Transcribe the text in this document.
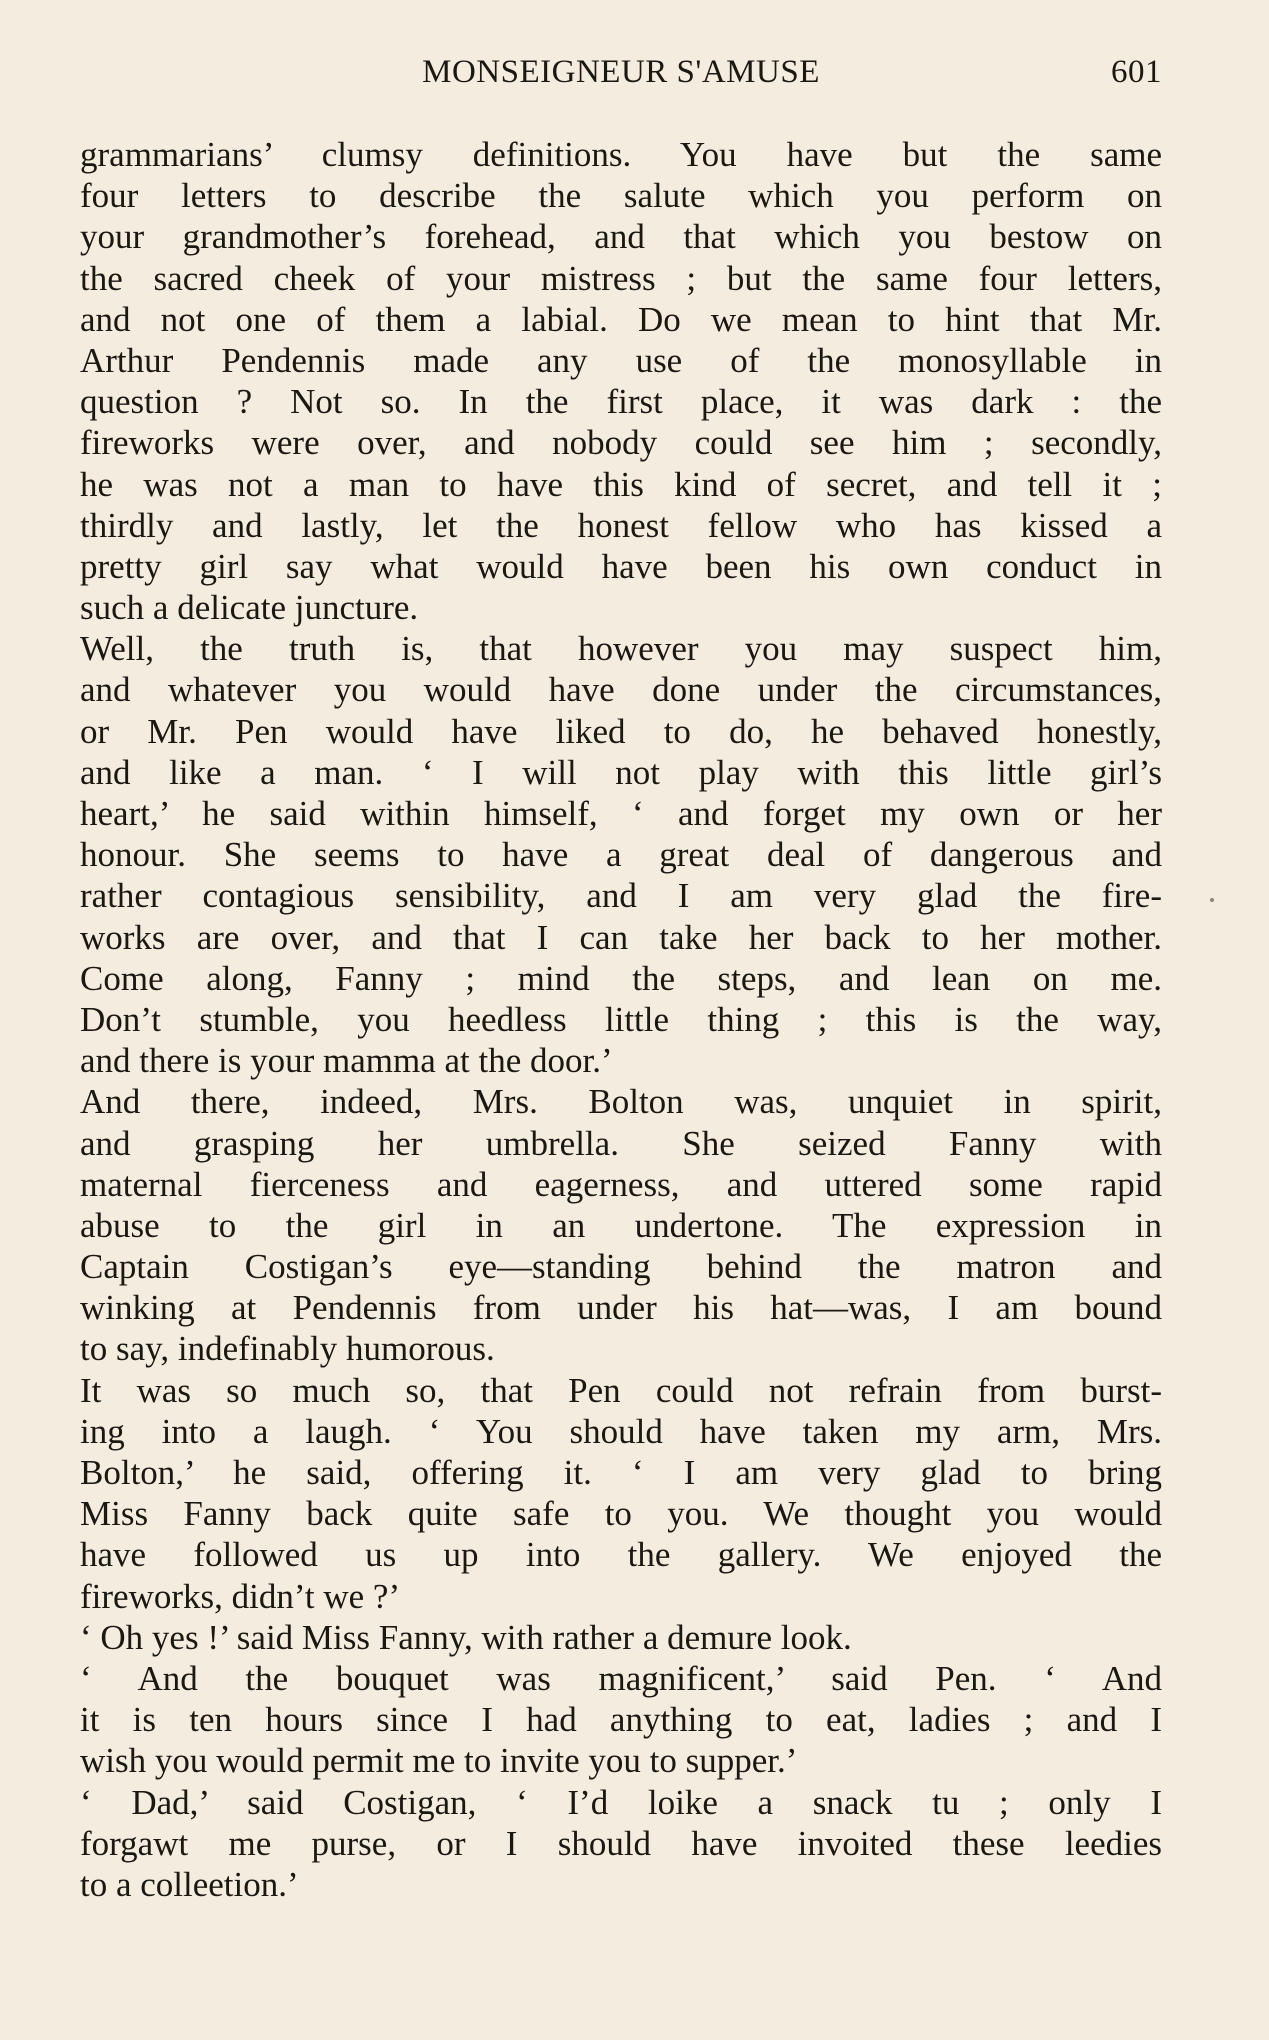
MONSEIGNEUR S'AMUSE	601
grammarians’ clumsy definitions. You have but the same
four letters to describe the salute which you perform on
your grandmother’s forehead, and that which you bestow on
the sacred cheek of your mistress ; but the same four letters,
and not one of them a labial. Do we mean to hint that Mr.
Arthur Pendennis made any use of the monosyllable in
question ? Not so. In the first place, it was dark : the
fireworks were over, and nobody could see him ; secondly,
he was not a man to have this kind of secret, and tell it ;
thirdly and lastly, let the honest fellow who has kissed a
pretty girl say what would have been his own conduct in
such a delicate juncture.
Well, the truth is, that however you may suspect him,
and whatever you would have done under the circumstances,
or Mr. Pen would have liked to do, he behaved honestly,
and like a man. ‘ I will not play with this little girl’s
heart,’ he said within himself, ‘ and forget my own or her
honour. She seems to have a great deal of dangerous and
rather contagious sensibility, and I am very glad the fire-
works are over, and that I can take her back to her mother.
Come along, Fanny ; mind the steps, and lean on me.
Don’t stumble, you heedless little thing ; this is the way,
and there is your mamma at the door.’
And there, indeed, Mrs. Bolton was, unquiet in spirit,
and grasping her umbrella. She seized Fanny with
maternal fierceness and eagerness, and uttered some rapid
abuse to the girl in an undertone. The expression in
Captain Costigan’s eye—standing behind the matron and
winking at Pendennis from under his hat—was, I am bound
to say, indefinably humorous.
It was so much so, that Pen could not refrain from burst-
ing into a laugh. ‘ You should have taken my arm, Mrs.
Bolton,’ he said, offering it. ‘ I am very glad to bring
Miss Fanny back quite safe to you. We thought you would
have followed us up into the gallery. We enjoyed the
fireworks, didn’t we ?’
‘ Oh yes !’ said Miss Fanny, with rather a demure look.
‘ And the bouquet was magnificent,’ said Pen. ‘ And
it is ten hours since I had anything to eat, ladies ; and I
wish you would permit me to invite you to supper.’
‘ Dad,’ said Costigan, ‘ I’d loike a snack tu ; only I
forgawt me purse, or I should have invoited these leedies
to a colleetion.’
